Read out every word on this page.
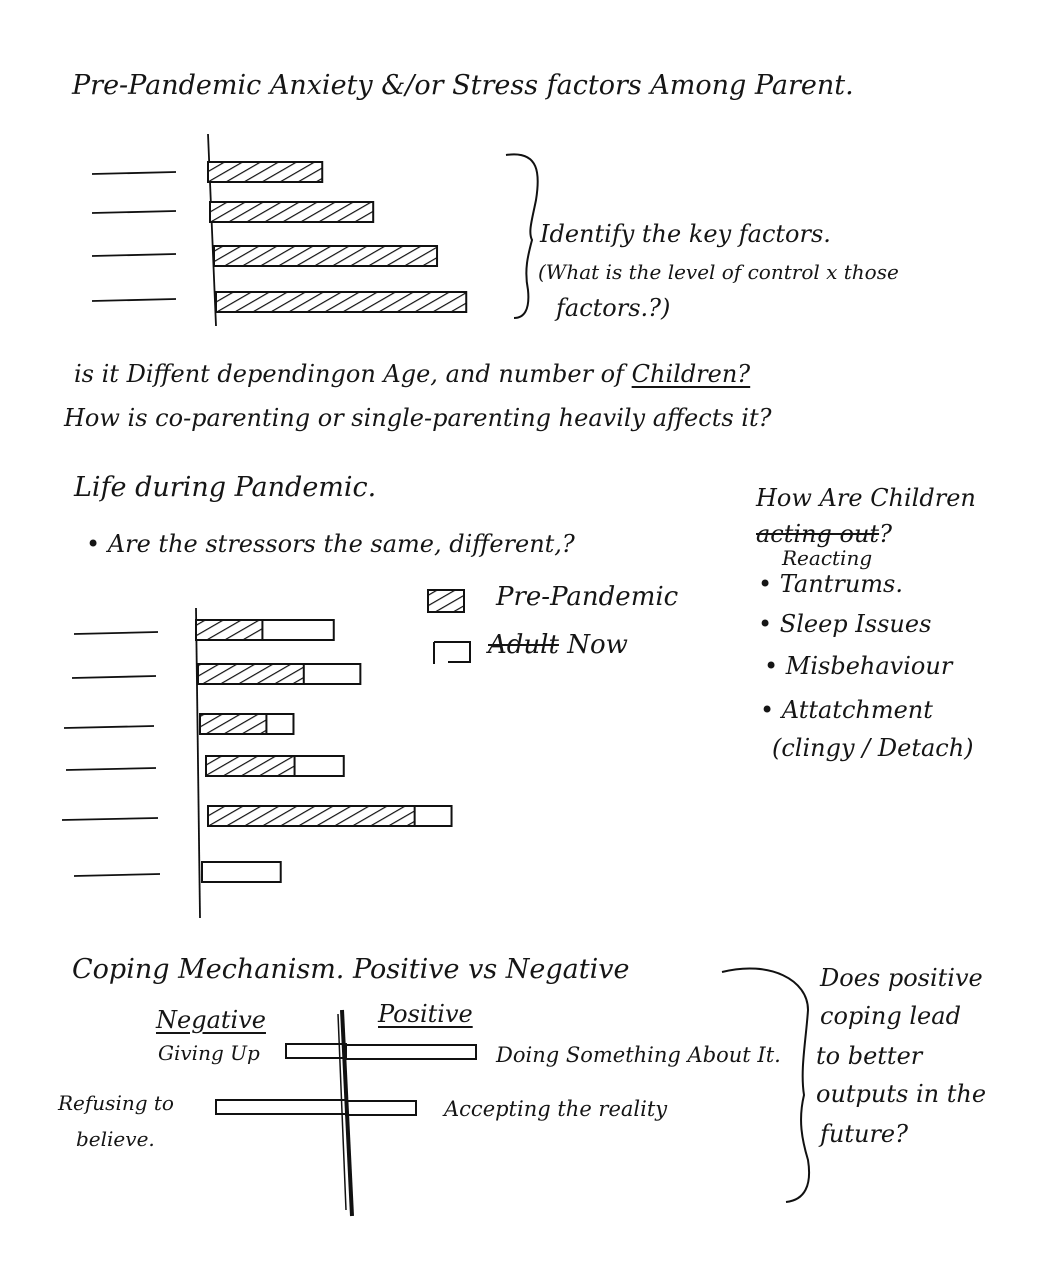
Pre-Pandemic Anxiety &/or Stress factors Among Parent.
Identify the key factors.
(What is the level of control x those
factors.?)
is it Diffent dependingon Age, and number of Children?
How is co-parenting or single-parenting heavily affects it?
Life during Pandemic.
• Are the stressors the same, different,?
Pre-Pandemic
Adult Now
How Are Children
acting out?
Reacting
• Tantrums.
• Sleep Issues
• Misbehaviour
• Attatchment
(clingy / Detach)
Coping Mechanism. Positive vs Negative
Negative	Positive
Does positive
coping lead
to better
outputs in the
future?
Giving Up
Refusing to
believe.
Doing Something About It.
Accepting the reality
